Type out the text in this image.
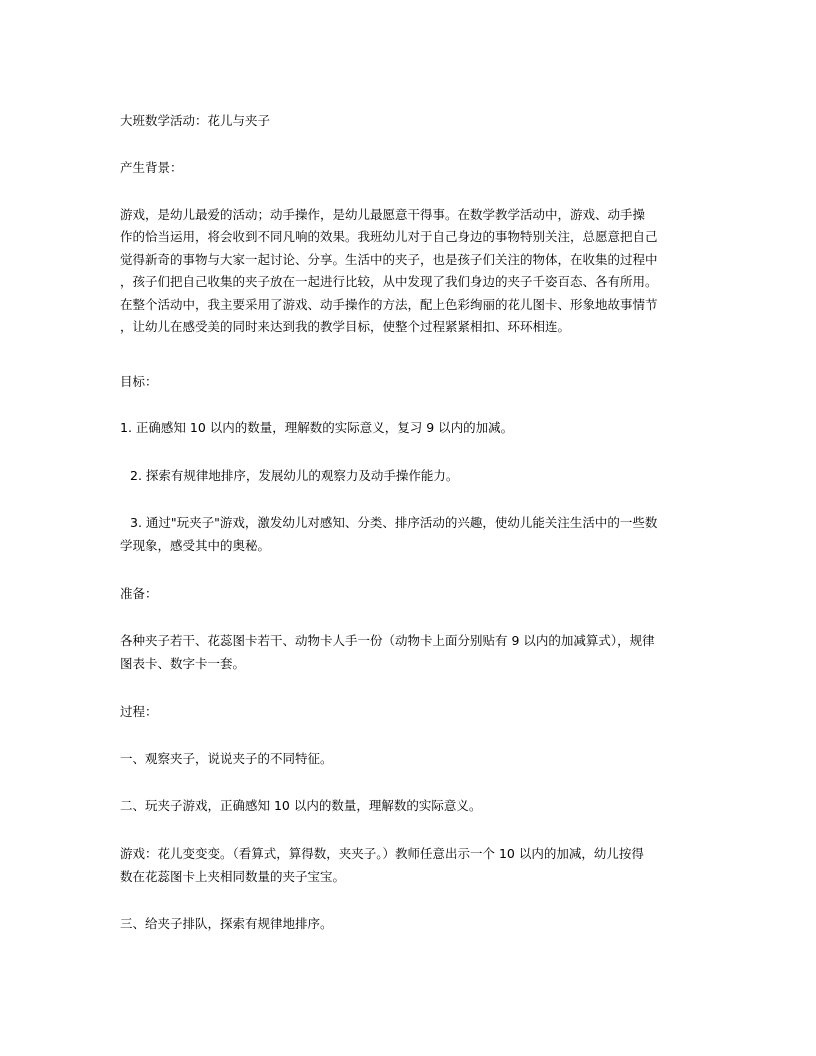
大班数学活动：花儿与夹子
产生背景：
游戏，是幼儿最爱的活动；动手操作，是幼儿最愿意干得事。在数学教学活动中，游戏、动手操
作的恰当运用，将会收到不同凡响的效果。我班幼儿对于自己身边的事物特别关注，总愿意把自己
觉得新奇的事物与大家一起讨论、分享。生活中的夹子，也是孩子们关注的物体，在收集的过程中
，孩子们把自己收集的夹子放在一起进行比较，从中发现了我们身边的夹子千姿百态、各有所用。
在整个活动中，我主要采用了游戏、动手操作的方法，配上色彩绚丽的花儿图卡、形象地故事情节
，让幼儿在感受美的同时来达到我的教学目标，使整个过程紧紧相扣、环环相连。
目标：
1. 正确感知 10 以内的数量，理解数的实际意义，复习 9 以内的加减。
2. 探索有规律地排序，发展幼儿的观察力及动手操作能力。
3. 通过"玩夹子"游戏，激发幼儿对感知、分类、排序活动的兴趣，使幼儿能关注生活中的一些数
学现象，感受其中的奥秘。
准备：
各种夹子若干、花蕊图卡若干、动物卡人手一份（动物卡上面分别贴有 9 以内的加减算式），规律
图表卡、数字卡一套。
过程：
一、观察夹子，说说夹子的不同特征。
二、玩夹子游戏，正确感知 10 以内的数量，理解数的实际意义。
游戏：花儿变变变。（看算式，算得数，夹夹子。）教师任意出示一个 10 以内的加减，幼儿按得
数在花蕊图卡上夹相同数量的夹子宝宝。
三、给夹子排队，探索有规律地排序。
